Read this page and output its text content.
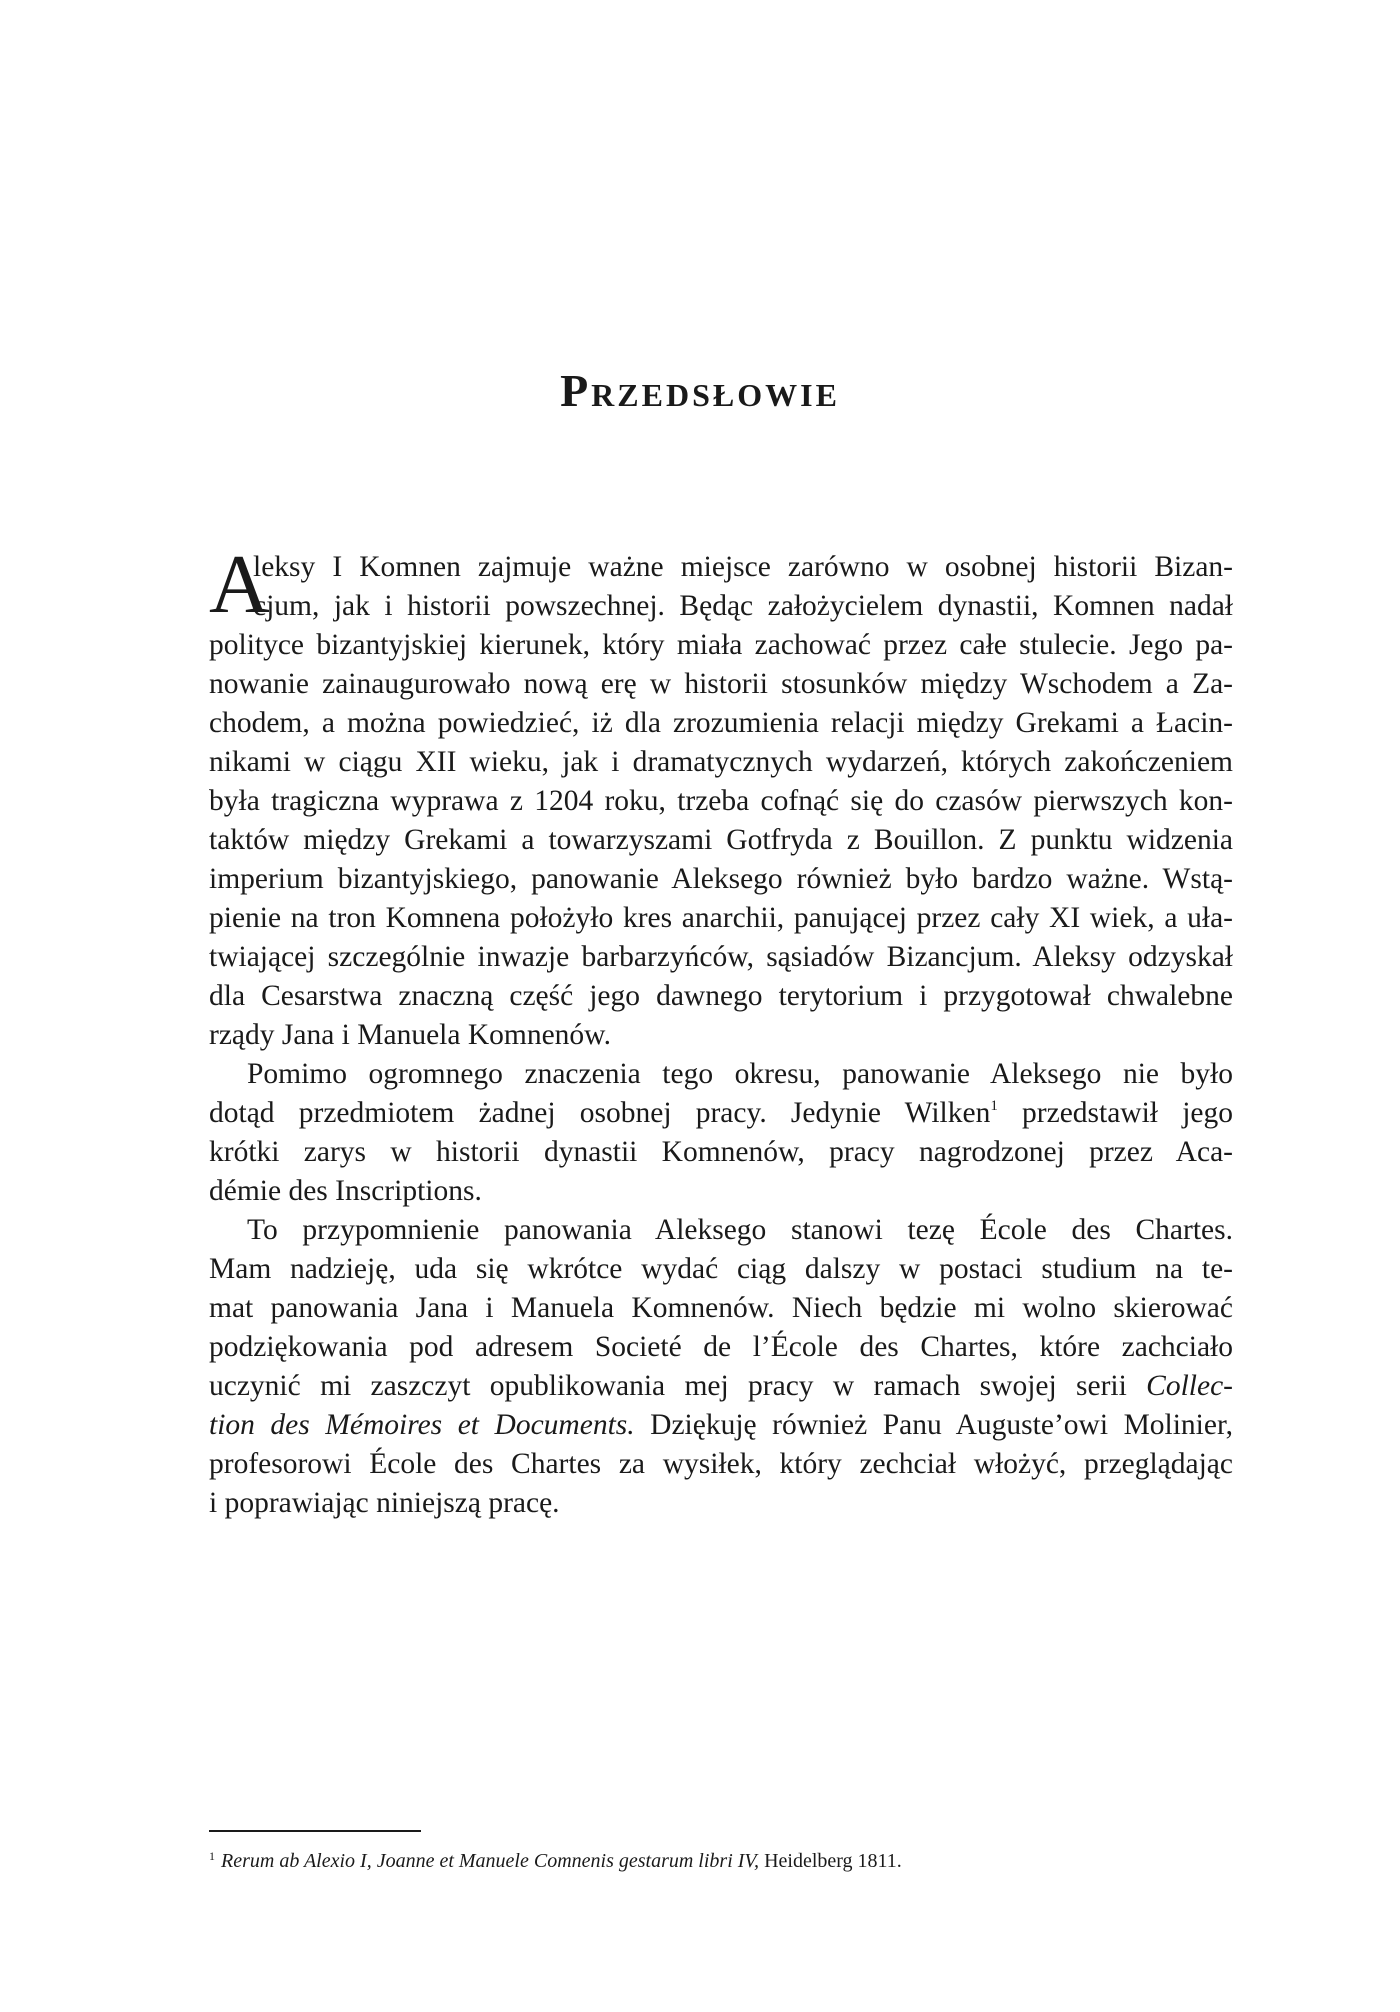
Przedsłowie
A
leksy I Komnen zajmuje ważne miejsce zarówno w osobnej historii Bizan-
cjum, jak i historii powszechnej. Będąc założycielem dynastii, Komnen nadał
polityce bizantyjskiej kierunek, który miała zachować przez całe stulecie. Jego pa-
nowanie zainaugurowało nową erę w historii stosunków między Wschodem a Za-
chodem, a można powiedzieć, iż dla zrozumienia relacji między Grekami a Łacin-
nikami w ciągu XII wieku, jak i dramatycznych wydarzeń, których zakończeniem
była tragiczna wyprawa z 1204 roku, trzeba cofnąć się do czasów pierwszych kon-
taktów między Grekami a towarzyszami Gotfryda z Bouillon. Z punktu widzenia
imperium bizantyjskiego, panowanie Aleksego również było bardzo ważne. Wstą-
pienie na tron Komnena położyło kres anarchii, panującej przez cały XI wiek, a uła-
twiającej szczególnie inwazje barbarzyńców, sąsiadów Bizancjum. Aleksy odzyskał
dla Cesarstwa znaczną część jego dawnego terytorium i przygotował chwalebne
rządy Jana i Manuela Komnenów.
Pomimo ogromnego znaczenia tego okresu, panowanie Aleksego nie było
dotąd przedmiotem żadnej osobnej pracy. Jedynie Wilken$^1$ przedstawił jego
krótki zarys w historii dynastii Komnenów, pracy nagrodzonej przez Aca-
démie des Inscriptions.
To przypomnienie panowania Aleksego stanowi tezę École des Chartes.
Mam nadzieję, uda się wkrótce wydać ciąg dalszy w postaci studium na te-
mat panowania Jana i Manuela Komnenów. Niech będzie mi wolno skierować
podziękowania pod adresem Societé de l’École des Chartes, które zachciało
uczynić mi zaszczyt opublikowania mej pracy w ramach swojej serii Collec-
tion des Mémoires et Documents. Dziękuję również Panu Auguste’owi Molinier,
profesorowi École des Chartes za wysiłek, który zechciał włożyć, przeglądając
i poprawiając niniejszą pracę.
$^1$ Rerum ab Alexio I, Joanne et Manuele Comnenis gestarum libri IV, Heidelberg 1811.
